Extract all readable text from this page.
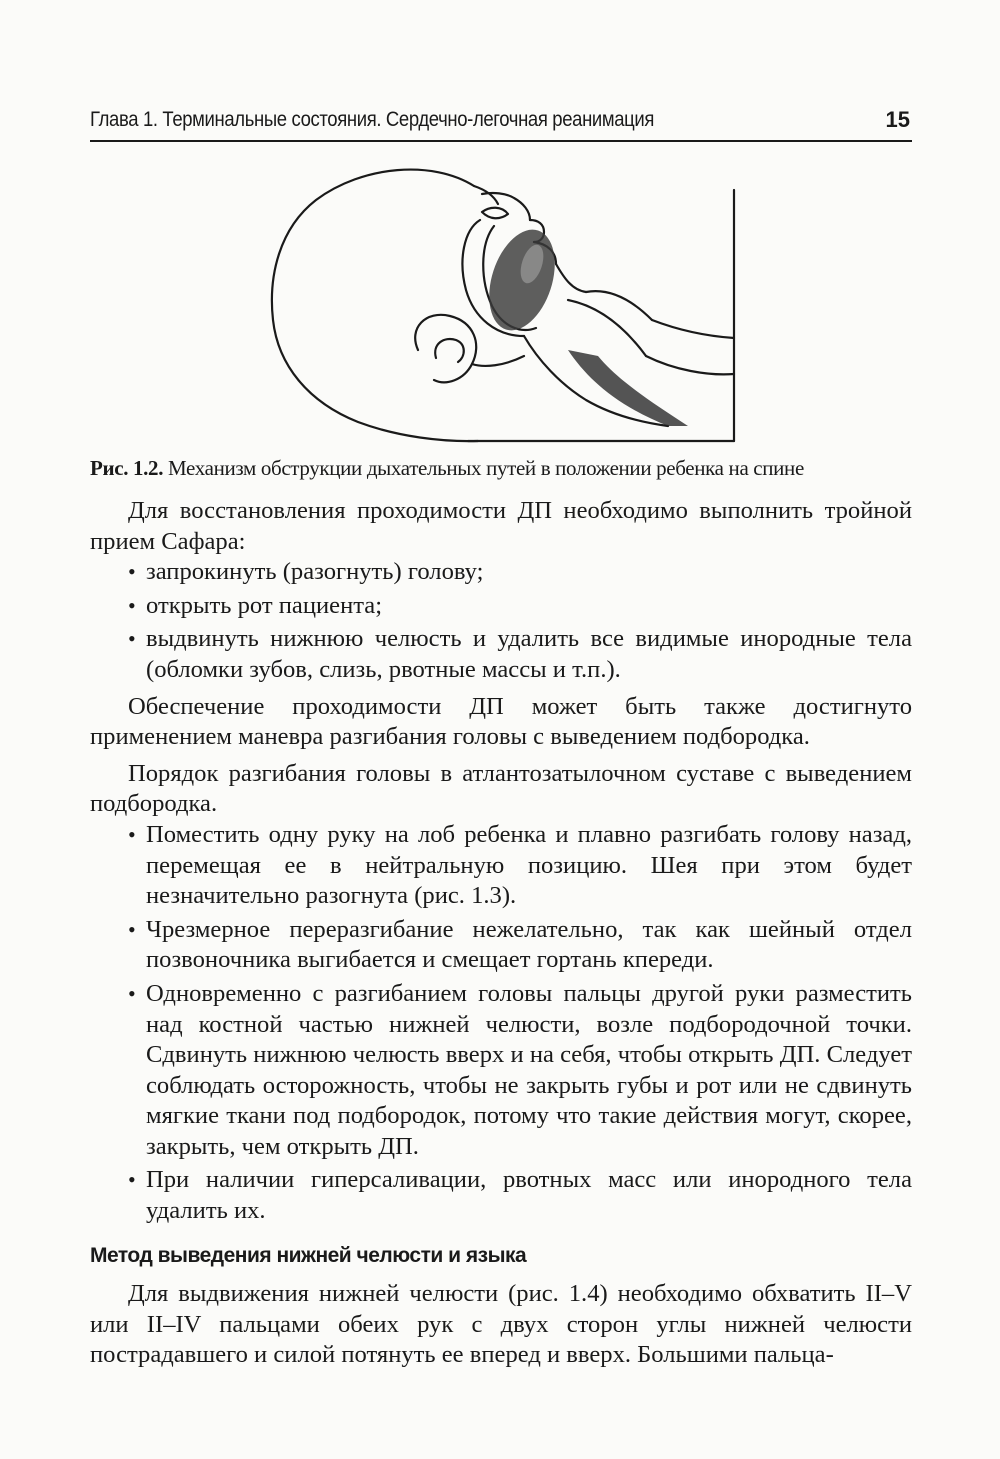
Глава 1. Терминальные состояния. Сердечно-легочная реанимация	15
Рис. 1.2. Механизм обструкции дыхательных путей в положении ребенка на спине

Для восстановления проходимости ДП необходимо выполнить тройной прием Сафара:

• запрокинуть (разогнуть) голову;
• открыть рот пациента;
• выдвинуть нижнюю челюсть и удалить все видимые инородные тела (обломки зубов, слизь, рвотные массы и т.п.).

Обеспечение проходимости ДП может быть также достигнуто применением маневра разгибания головы с выведением подбородка.

Порядок разгибания головы в атлантозатылочном суставе с выведением подбородка.

• Поместить одну руку на лоб ребенка и плавно разгибать голову назад, перемещая ее в нейтральную позицию. Шея при этом будет незначительно разогнута (рис. 1.3).
• Чрезмерное переразгибание нежелательно, так как шейный отдел позвоночника выгибается и смещает гортань кпереди.
• Одновременно с разгибанием головы пальцы другой руки разместить над костной частью нижней челюсти, возле подбородочной точки. Сдвинуть нижнюю челюсть вверх и на себя, чтобы открыть ДП. Следует соблюдать осторожность, чтобы не закрыть губы и рот или не сдвинуть мягкие ткани под подбородок, потому что такие действия могут, скорее, закрыть, чем открыть ДП.
• При наличии гиперсаливации, рвотных масс или инородного тела удалить их.
Метод выведения нижней челюсти и языка

Для выдвижения нижней челюсти (рис. 1.4) необходимо обхватить II–V или II–IV пальцами обеих рук с двух сторон углы нижней челюсти пострадавшего и силой потянуть ее вперед и вверх. Большими пальца-
